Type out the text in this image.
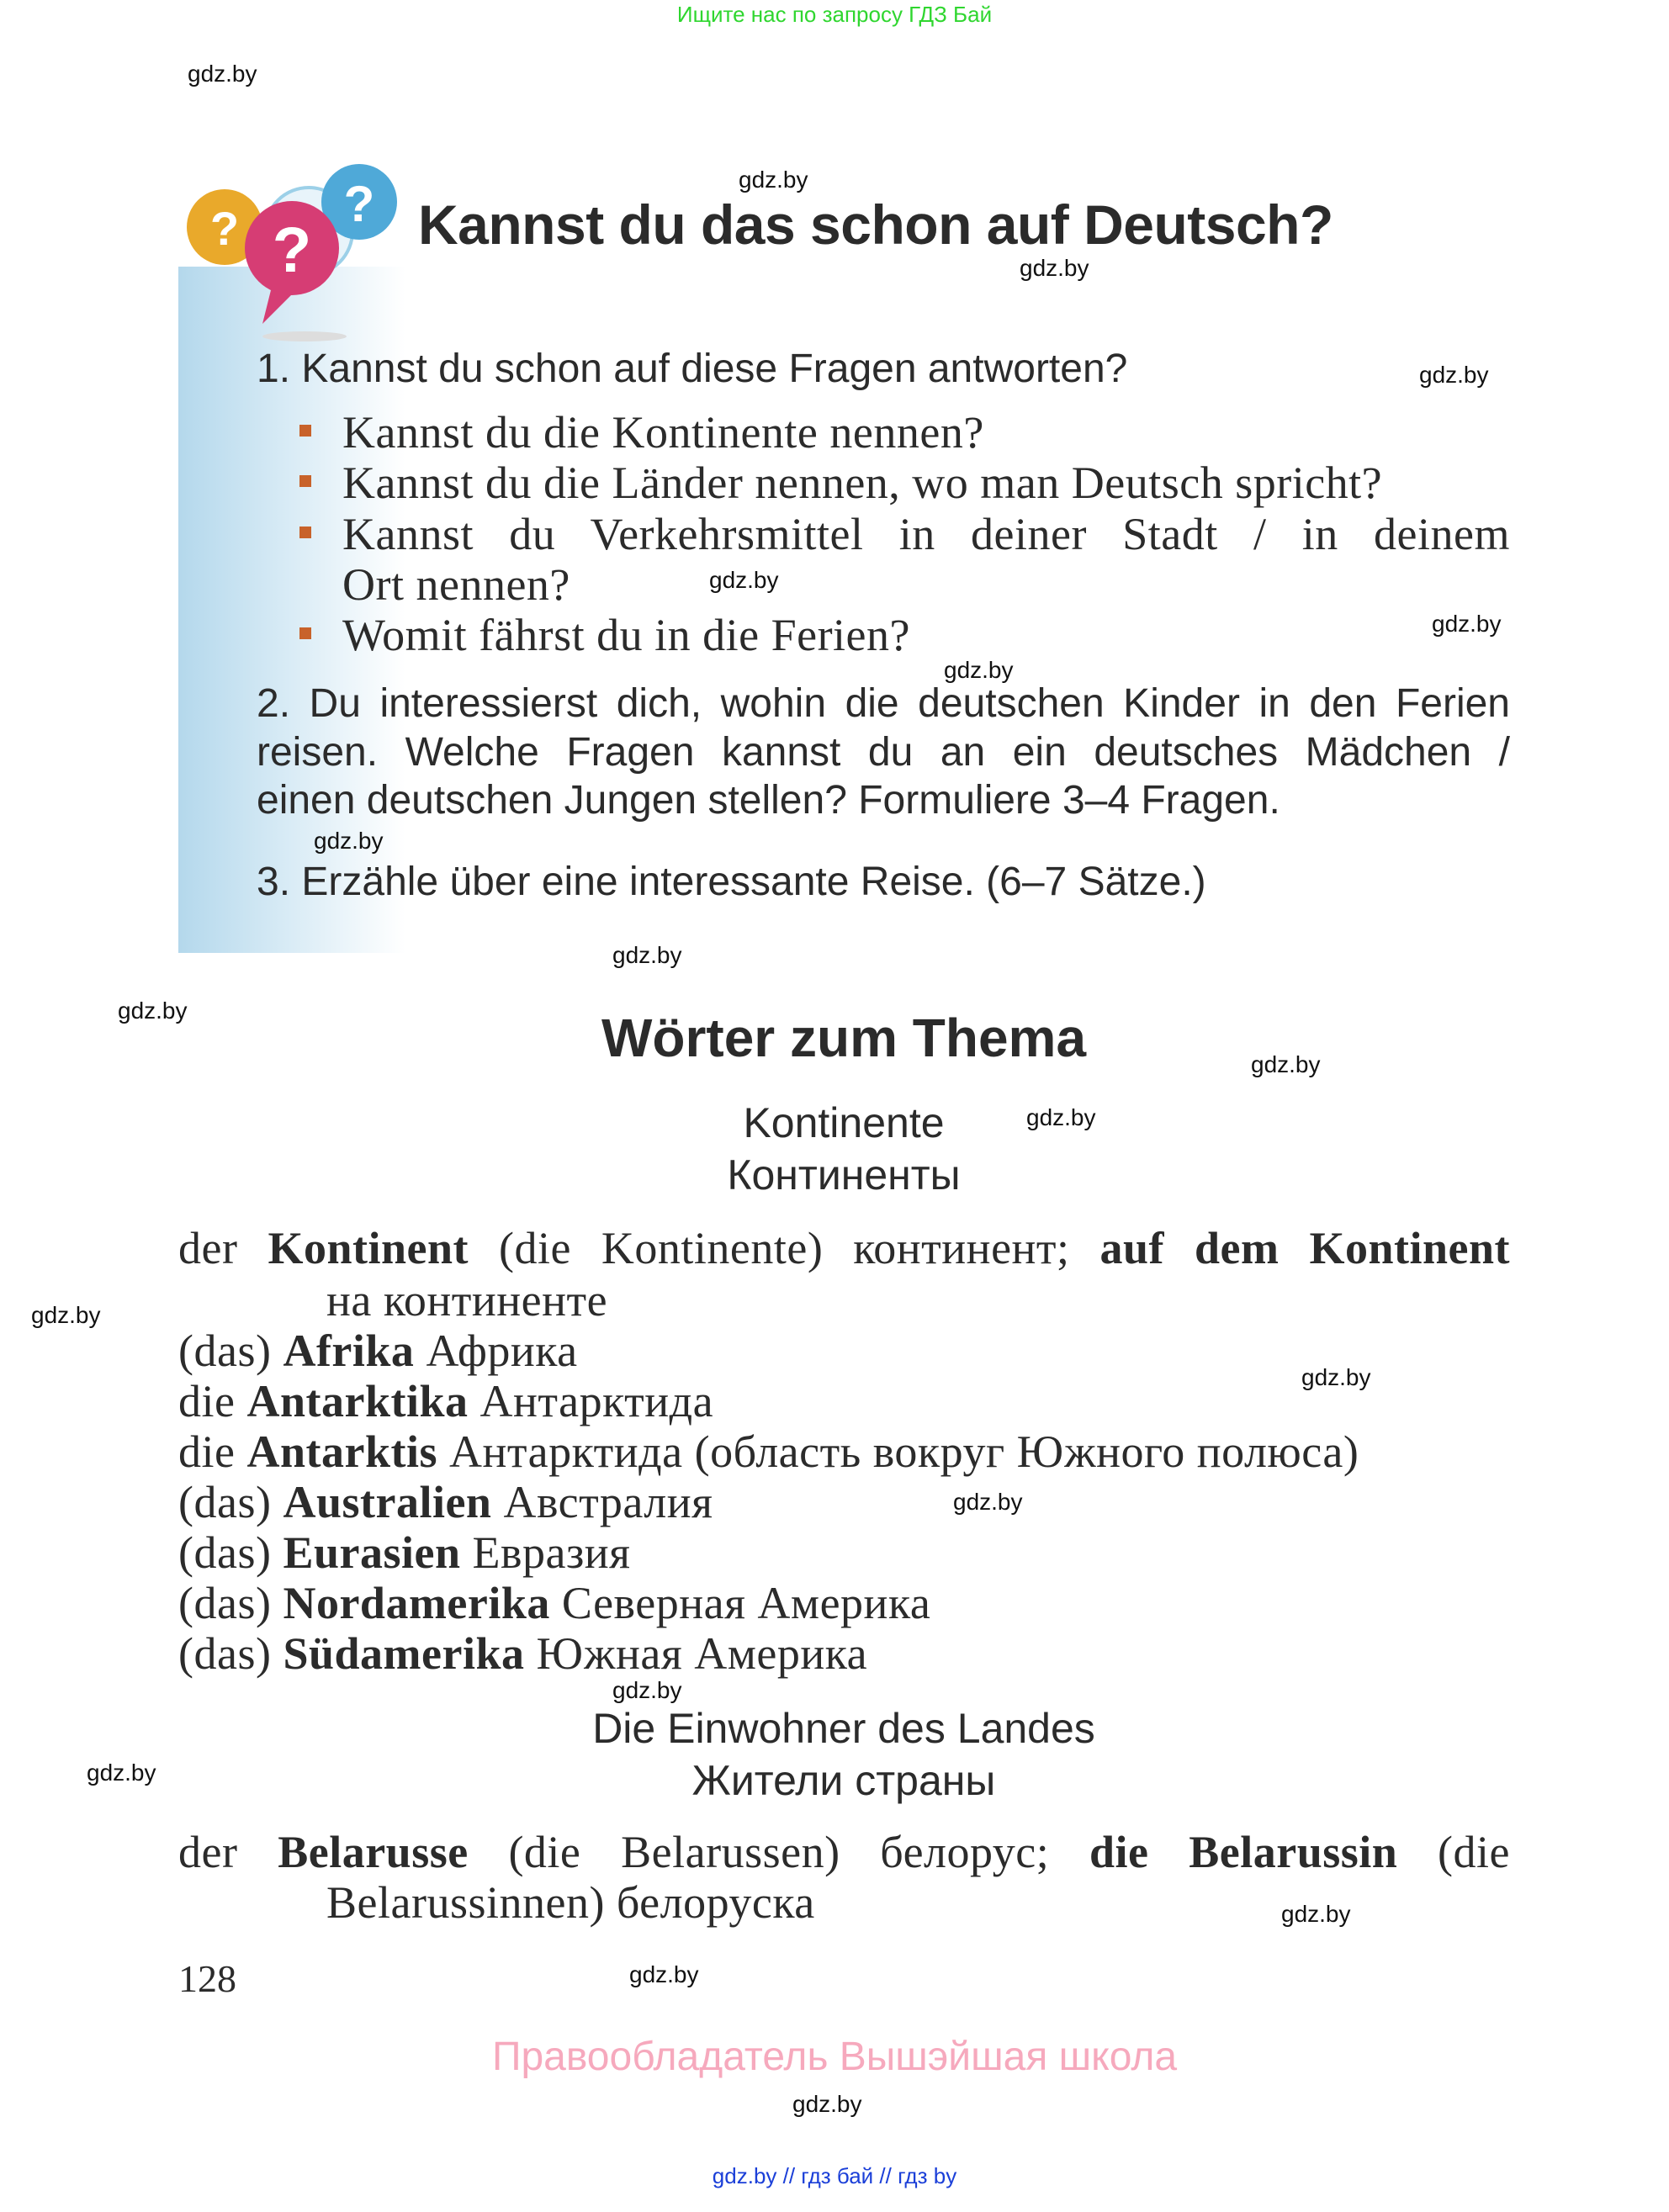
Ищите нас по запросу ГДЗ Бай
?
? ? Kannst du das schon auf Deutsch?
1. Kannst du schon auf diese Fragen antworten?
Kannst du die Kontinente nennen?
Kannst du die Länder nennen, wo man Deutsch spricht?
Kannst du Verkehrsmittel in deiner Stadt / in deinem
Ort nennen?
Womit fährst du in die Ferien?
2. Du interessierst dich, wohin die deutschen Kinder in den Ferien
reisen. Welche Fragen kannst du an ein deutsches Mädchen /
einen deutschen Jungen stellen? Formuliere 3–4 Fragen.
3. Erzähle über eine interessante Reise. (6–7 Sätze.)
Wörter zum Thema
Kontinente
Континенты
der Kontinent (die Kontinente) континент; auf dem Kontinent
на континенте
(das) Afrika Африка
die Antarktika Антарктида
die Antarktis Антарктида (область вокруг Южного полюса)
(das) Australien Австралия
(das) Eurasien Евразия
(das) Nordamerika Северная Америка
(das) Südamerika Южная Америка
Die Einwohner des Landes
Жители страны
der Belarusse (die Belarussen) белорус; die Belarussin (die
Belarussinnen) белоруска
128
Правообладатель Вышэйшая школа
gdz.by // гдз бай // гдз by
gdz.by
gdz.by
gdz.by
gdz.by
gdz.by
gdz.by
gdz.by
gdz.by
gdz.by
gdz.by
gdz.by
gdz.by
gdz.by
gdz.by
gdz.by
gdz.by
gdz.by
gdz.by
gdz.by
gdz.by
